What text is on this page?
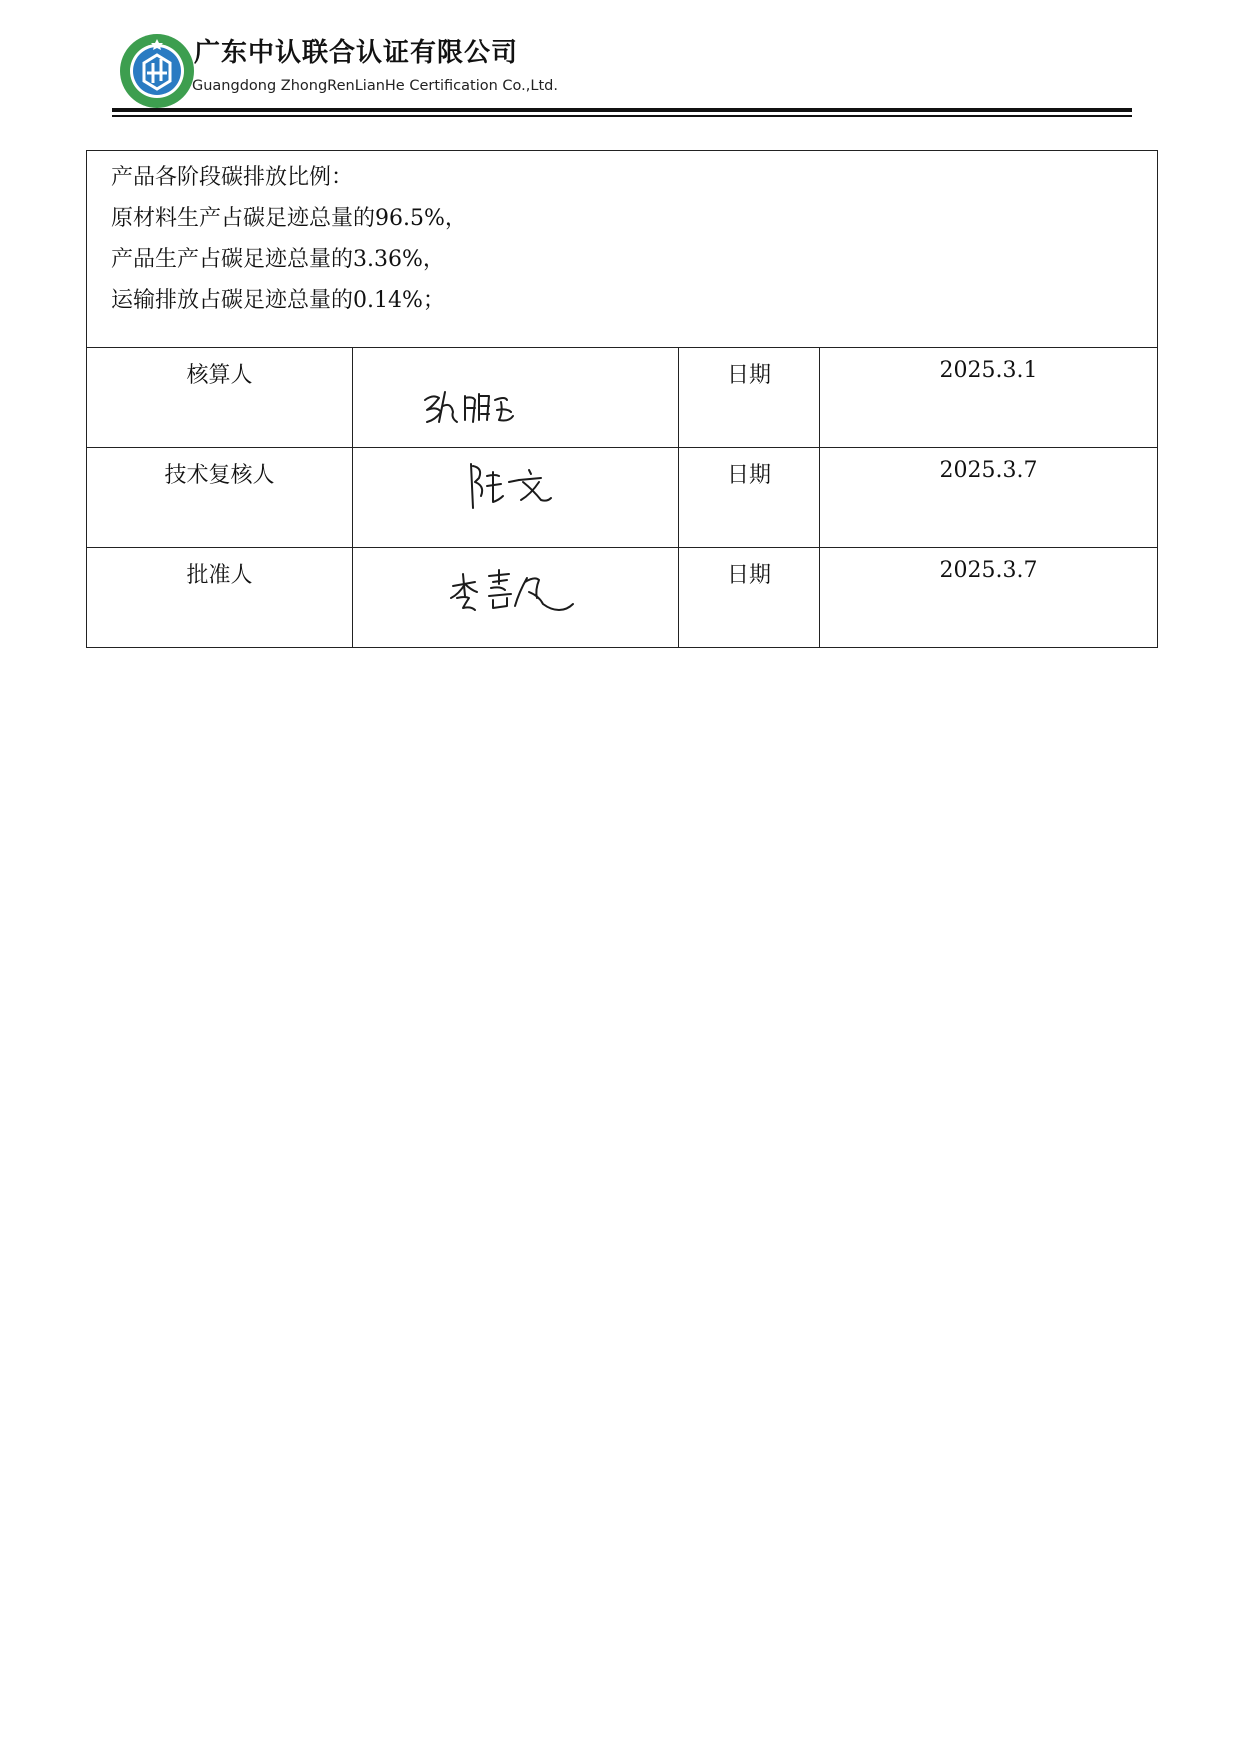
广东中认联合认证有限公司
Guangdong ZhongRenLianHe Certification Co.,Ltd.
产品各阶段碳排放比例：
原材料生产占碳足迹总量的96.5%，
产品生产占碳足迹总量的3.36%，
运输排放占碳足迹总量的0.14%；			

核算人		日期	2025.3.1
技术复核人		日期	2025.3.7
批准人		日期	2025.3.7
